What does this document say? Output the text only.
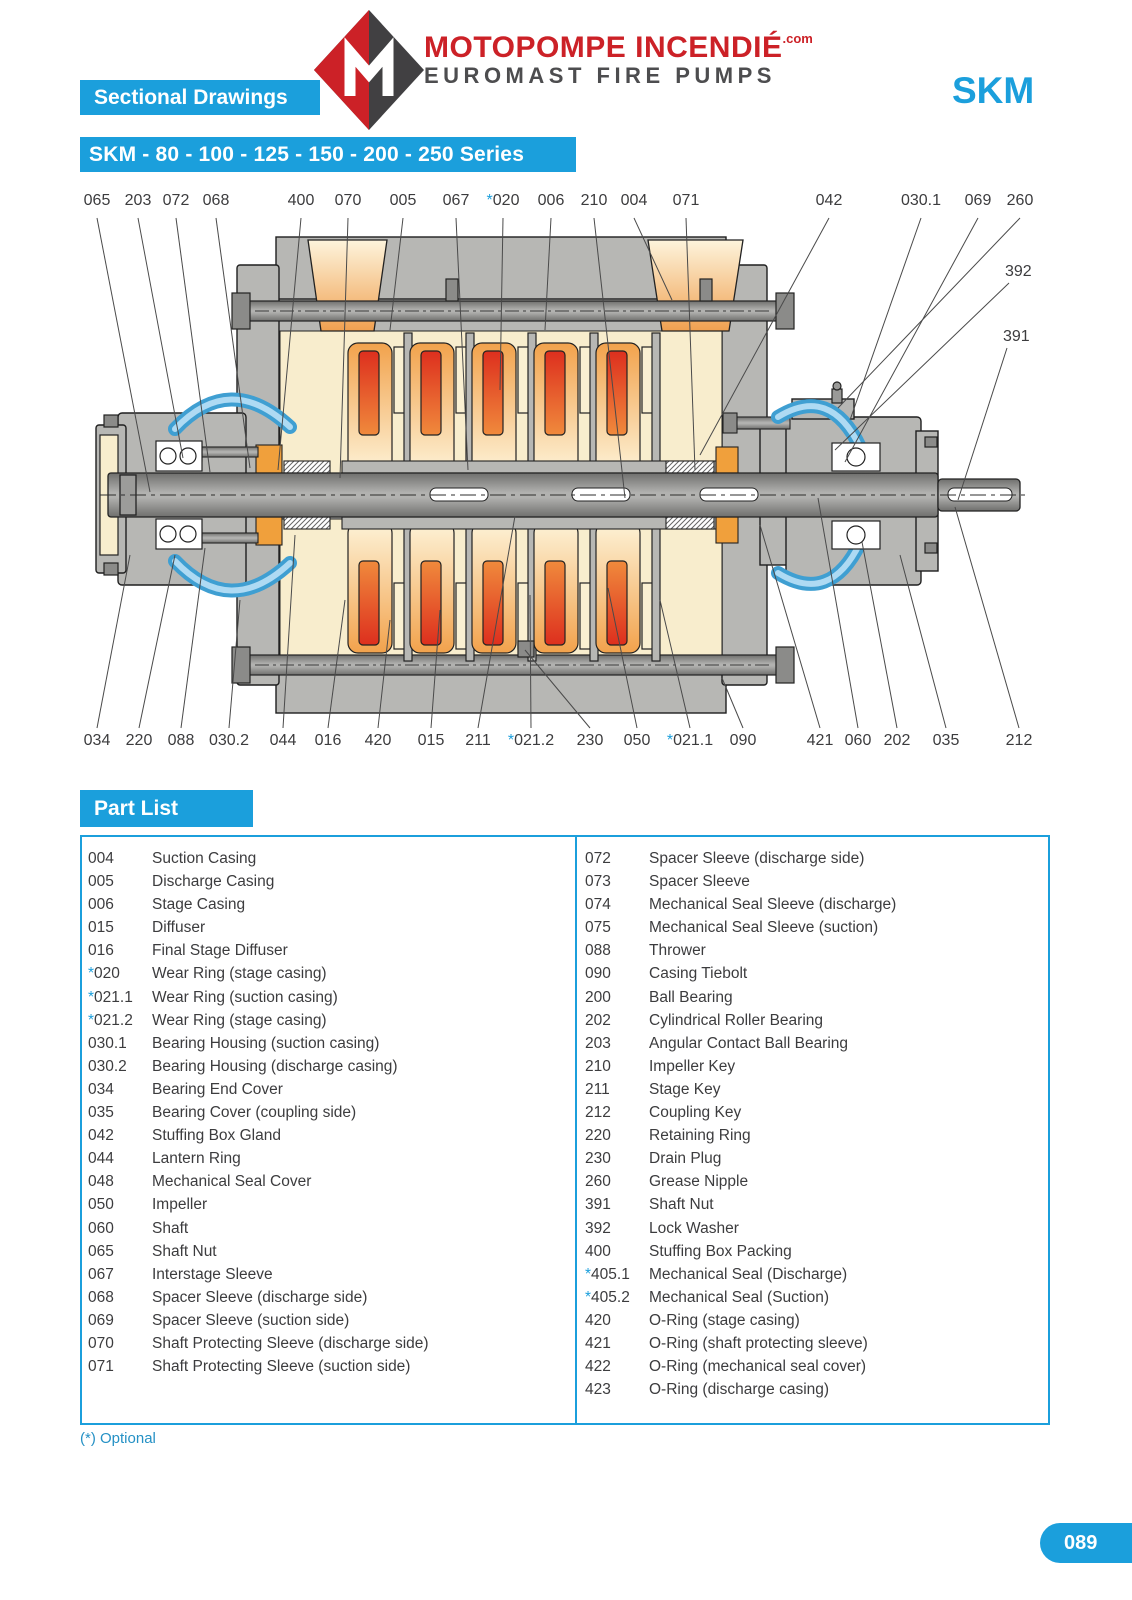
MOTOPOMPE $INCENDIÉ^{.com}$
EUROMAST FIRE PUMPS
Sectional Drawings	SKM
SKM - 80 - 100 - 125 - 150 - 200 - 250 Series
065 203 072 068	400 070 005 067 *020 006 210 004 071	042	030.1 069 260
034 220 088 030.2 044 016 420 015 211 *021.2 230 050 *021.1 090	421 060 202 035	212
392
391
Part List
004	Suction Casing
005	Discharge Casing
006	Stage Casing
015	Diffuser
016	Final Stage Diffuser
*020	Wear Ring (stage casing)
*021.1	Wear Ring (suction casing)
*021.2	Wear Ring (stage casing)
030.1	Bearing Housing (suction casing)
030.2	Bearing Housing (discharge casing)
034	Bearing End Cover
035	Bearing Cover (coupling side)
042	Stuffing Box Gland
044	Lantern Ring
048	Mechanical Seal Cover
050	Impeller
060	Shaft
065	Shaft Nut
067	Interstage Sleeve
068	Spacer Sleeve (discharge side)
069	Spacer Sleeve (suction side)
070	Shaft Protecting Sleeve (discharge side)
071	Shaft Protecting Sleeve (suction side)
072	Spacer Sleeve (discharge side)
073	Spacer Sleeve
074	Mechanical Seal Sleeve (discharge)
075	Mechanical Seal Sleeve (suction)
088	Thrower
090	Casing Tiebolt
200	Ball Bearing
202	Cylindrical Roller Bearing
203	Angular Contact Ball Bearing
210	Impeller Key
211	Stage Key
212	Coupling Key
220	Retaining Ring
230	Drain Plug
260	Grease Nipple
391	Shaft Nut
392	Lock Washer
400	Stuffing Box Packing
*405.1	Mechanical Seal (Discharge)
*405.2	Mechanical Seal (Suction)
420	O-Ring (stage casing)
421	O-Ring (shaft protecting sleeve)
422	O-Ring (mechanical seal cover)
423	O-Ring (discharge casing)
(*) Optional
089
